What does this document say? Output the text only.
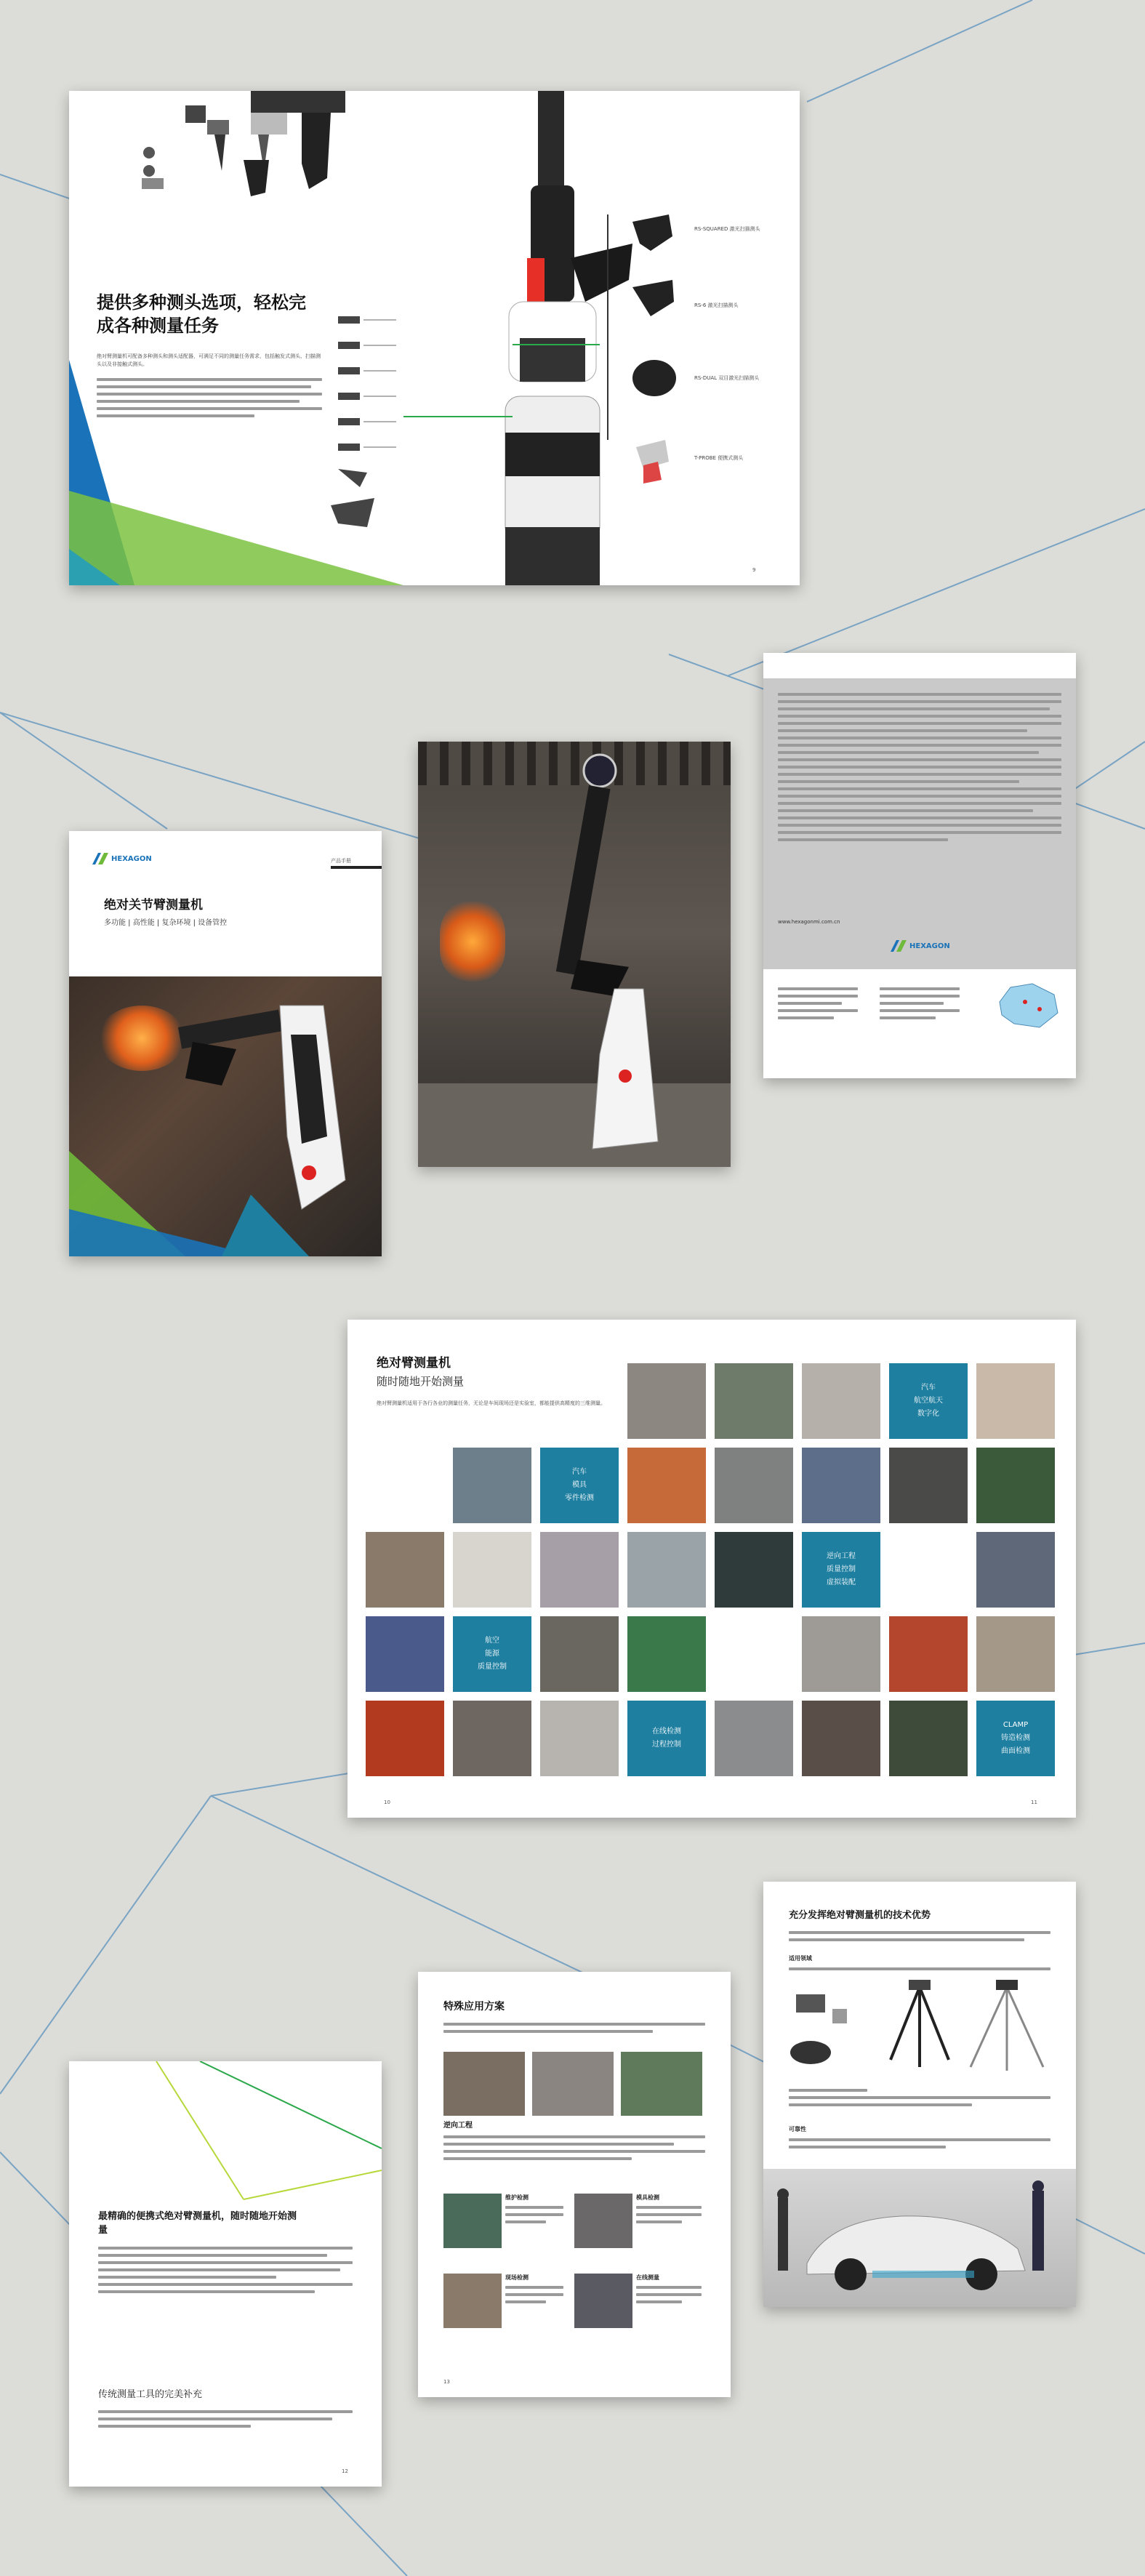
提供多种测头选项，轻松完成各种测量任务
绝对臂测量机可配备多种测头和测头适配器，可满足不同的测量任务需求，包括触发式测头、扫描测头以及非接触式测头。
RS-SQUARED 激光扫描测头
RS-6 激光扫描测头
RS-DUAL 双目激光扫描测头
T-PROBE 便携式测头
9
HEXAGON	产品手册
绝对关节臂测量机
多功能 | 高性能 | 复杂环境 | 设备管控	www.hexagonmi.com.cn
HEXAGON
绝对臂测量机
随时随地开始测量
绝对臂测量机适用于各行各业的测量任务，无论是车间现场还是实验室，都能提供高精度的三维测量。
汽车
航空航天
数字化
汽车
模具
零件检测
逆向工程
质量控制
虚拟装配
航空
能源
质量控制
在线检测
过程控制
CLAMP
铸造检测
曲面检测
10	11
最精确的便携式绝对臂测量机，随时随地开始测量
传统测量工具的完美补充
12
特殊应用方案
逆向工程
维护检测	模具检测
现场检测	在线测量
13
充分发挥绝对臂测量机的技术优势
适用领域
可靠性
